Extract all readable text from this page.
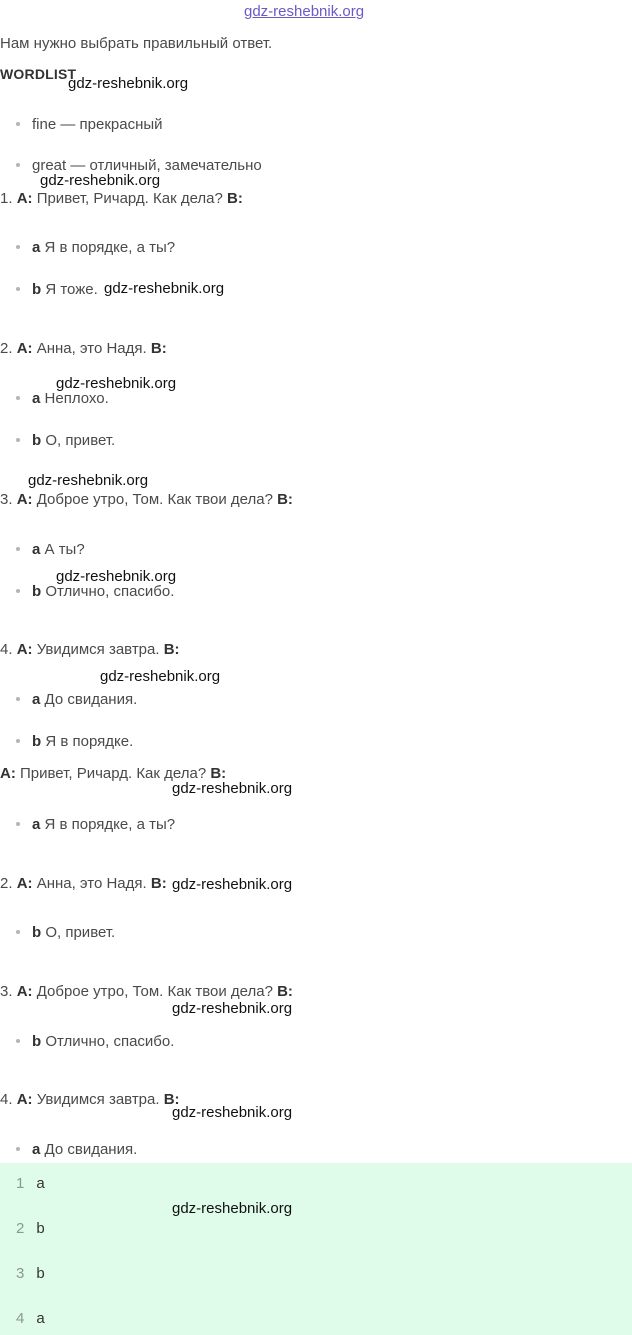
gdz-reshebnik.org
Нам нужно выбрать правильный ответ.
WORDLIST
fine — прекрасный
great — отличный, замечательно
1. A: Привет, Ричард. Как дела? B:
a Я в порядке, а ты?
b Я тоже.
2. A: Анна, это Надя. B:
a Неплохо.
b О, привет.
3. A: Доброе утро, Том. Как твои дела? B:
a А ты?
b Отлично, спасибо.
4. A: Увидимся завтра. B:
a До свидания.
b Я в порядке.
A: Привет, Ричард. Как дела? B:
a Я в порядке, а ты?
2. A: Анна, это Надя. B:
b О, привет.
3. A: Доброе утро, Том. Как твои дела? B:
b Отлично, спасибо.
4. A: Увидимся завтра. B:
a До свидания.
1 a
2 b
3 b
4 a
gdz-reshebnik.org
gdz-reshebnik.org
gdz-reshebnik.org
gdz-reshebnik.org
gdz-reshebnik.org
gdz-reshebnik.org
gdz-reshebnik.org
gdz-reshebnik.org
gdz-reshebnik.org
gdz-reshebnik.org
gdz-reshebnik.org
gdz-reshebnik.org
